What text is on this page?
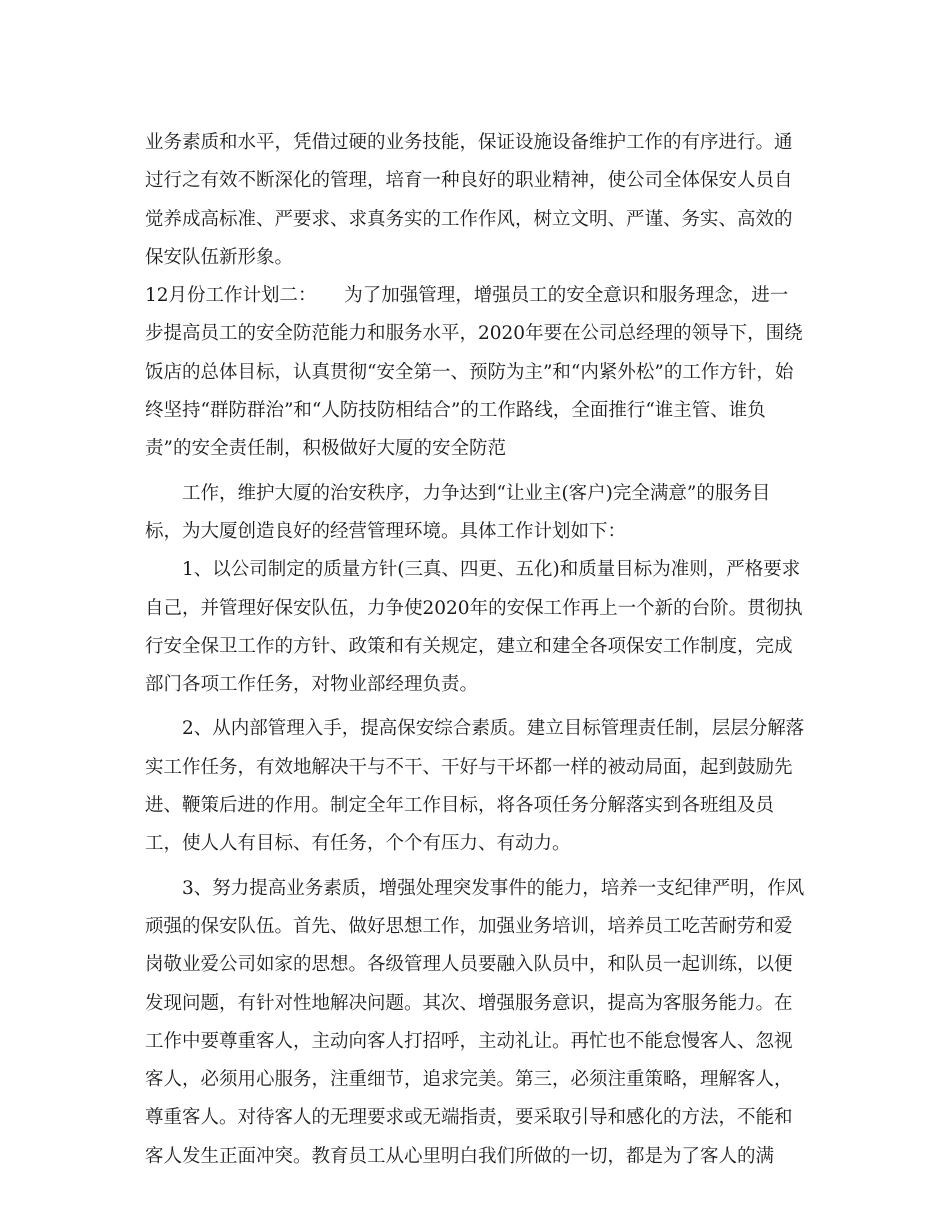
业务素质和水平，凭借过硬的业务技能，保证设施设备维护工作的有序进行。通
过行之有效不断深化的管理，培育一种良好的职业精神，使公司全体保安人员自
觉养成高标准、严要求、求真务实的工作作风，树立文明、严谨、务实、高效的
保安队伍新形象。
12月份工作计划二：　　为了加强管理，增强员工的安全意识和服务理念，进一
步提高员工的安全防范能力和服务水平，2020年要在公司总经理的领导下，围绕
饭店的总体目标，认真贯彻“安全第一、预防为主”和“内紧外松”的工作方针，始
终坚持“群防群治”和“人防技防相结合”的工作路线，全面推行“谁主管、谁负
责”的安全责任制，积极做好大厦的安全防范
工作，维护大厦的治安秩序，力争达到“让业主(客户)完全满意”的服务目
标，为大厦创造良好的经营管理环境。具体工作计划如下：
1、以公司制定的质量方针(三真、四更、五化)和质量目标为准则，严格要求
自己，并管理好保安队伍，力争使2020年的安保工作再上一个新的台阶。贯彻执
行安全保卫工作的方针、政策和有关规定，建立和建全各项保安工作制度，完成
部门各项工作任务，对物业部经理负责。
2、从内部管理入手，提高保安综合素质。建立目标管理责任制，层层分解落
实工作任务，有效地解决干与不干、干好与干坏都一样的被动局面，起到鼓励先
进、鞭策后进的作用。制定全年工作目标，将各项任务分解落实到各班组及员
工，使人人有目标、有任务，个个有压力、有动力。
3、努力提高业务素质，增强处理突发事件的能力，培养一支纪律严明，作风
顽强的保安队伍。首先、做好思想工作，加强业务培训，培养员工吃苦耐劳和爱
岗敬业爱公司如家的思想。各级管理人员要融入队员中，和队员一起训练，以便
发现问题，有针对性地解决问题。其次、增强服务意识，提高为客服务能力。在
工作中要尊重客人，主动向客人打招呼，主动礼让。再忙也不能怠慢客人、忽视
客人，必须用心服务，注重细节，追求完美。第三，必须注重策略，理解客人，
尊重客人。对待客人的无理要求或无端指责，要采取引导和感化的方法，不能和
客人发生正面冲突。教育员工从心里明白我们所做的一切，都是为了客人的满
